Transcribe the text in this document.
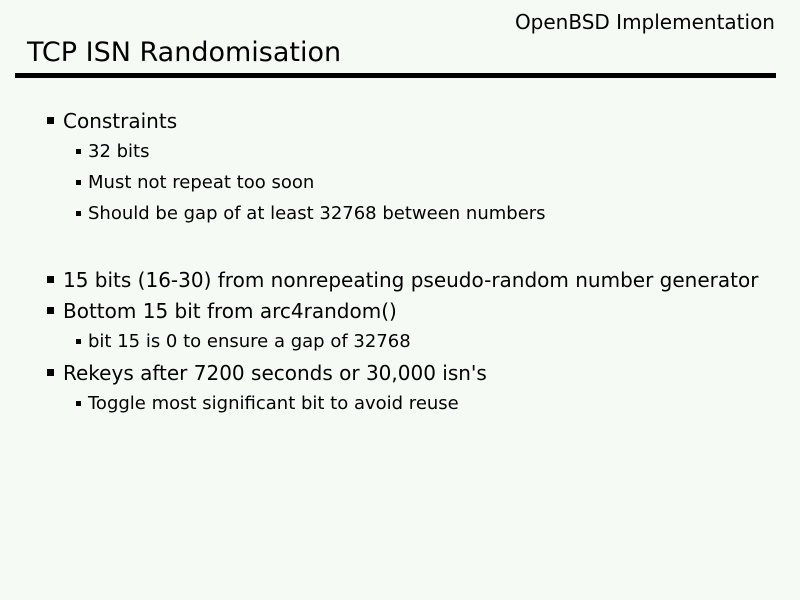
OpenBSD Implementation
TCP ISN Randomisation
Constraints
32 bits
Must not repeat too soon
Should be gap of at least 32768 between numbers
15 bits (16-30) from nonrepeating pseudo-random number generator
Bottom 15 bit from arc4random()
bit 15 is 0 to ensure a gap of 32768
Rekeys after 7200 seconds or 30,000 isn's
Toggle most significant bit to avoid reuse
